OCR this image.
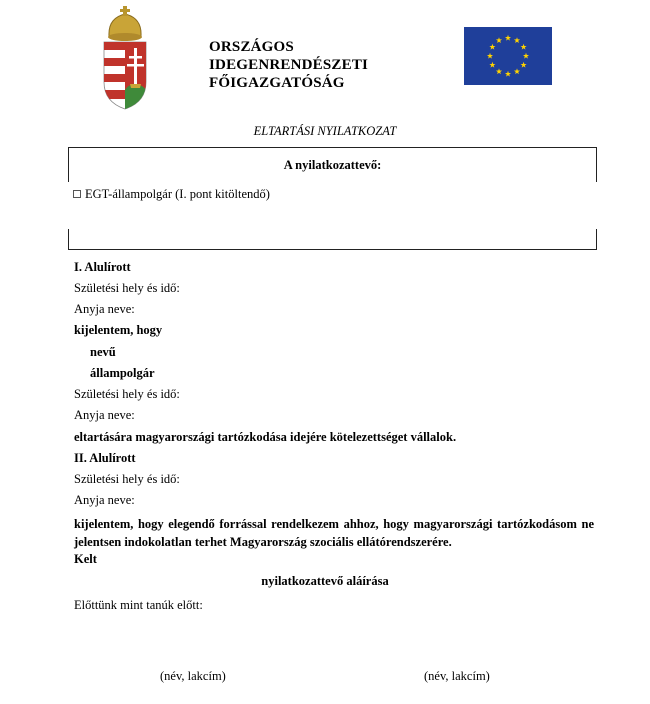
ORSZÁGOS
IDEGENRENDÉSZETI
FŐIGAZGATÓSÁG
ELTARTÁSI NYILATKOZAT
A nyilatkozattevő:
EGT-állampolgár (I. pont kitöltendő)
I. Alulírott
Születési hely és idő:
Anyja neve:
kijelentem, hogy
nevű
állampolgár
Születési hely és idő:
Anyja neve:
eltartására magyarországi tartózkodása idejére kötelezettséget vállalok.
II. Alulírott
Születési hely és idő:
Anyja neve:
kijelentem, hogy elegendő forrással rendelkezem ahhoz, hogy magyarországi tartózkodásom ne jelentsen indokolatlan terhet Magyarország szociális ellátórendszerére.
Kelt
nyilatkozattevő aláírása
Előttünk mint tanúk előtt:
(név, lakcím)	(név, lakcím)
